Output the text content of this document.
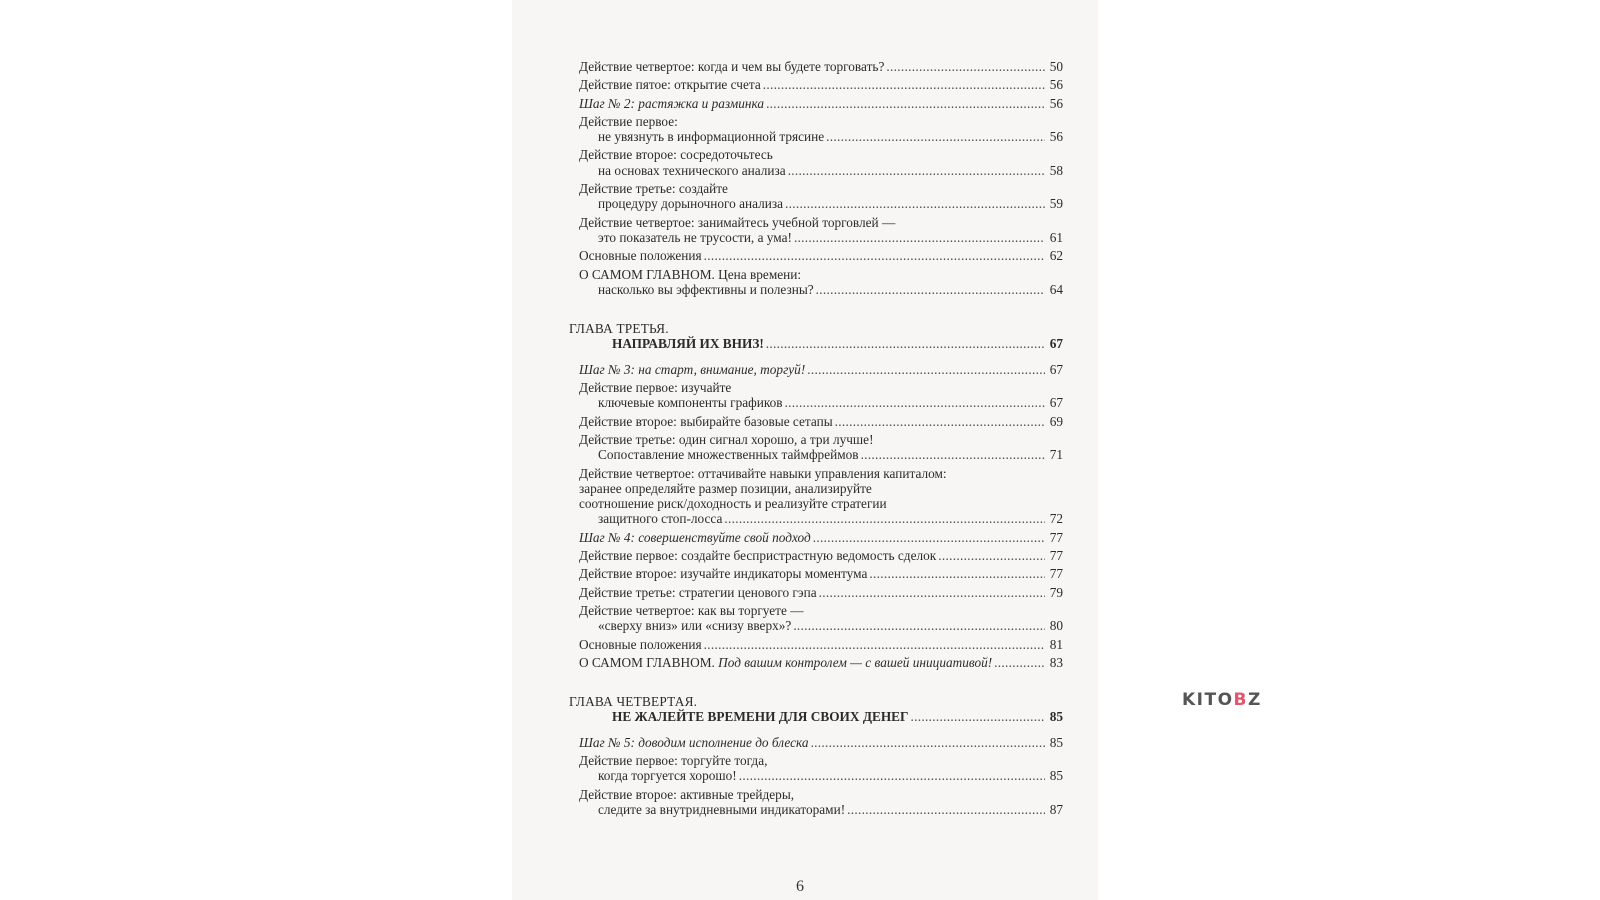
Действие четвертое: когда и чем вы будете торговать? .....	50
Действие пятое: открытие счета .....	56
Шаг № 2: растяжка и разминка .....	56
Действие первое:
не увязнуть в информационной трясине .....	56
Действие второе: сосредоточьтесь
на основах технического анализа .....	58
Действие третье: создайте
процедуру дорыночного анализа .....	59
Действие четвертое: занимайтесь учебной торговлей —
это показатель не трусости, а ума! .....	61
Основные положения .....	62
О САМОМ ГЛАВНОМ. Цена времени:
насколько вы эффективны и полезны? .....	64
ГЛАВА ТРЕТЬЯ.
НАПРАВЛЯЙ ИХ ВНИЗ! .....	67
Шаг № 3: на старт, внимание, торгуй! .....	67
Действие первое: изучайте
ключевые компоненты графиков .....	67
Действие второе: выбирайте базовые сетапы .....	69
Действие третье: один сигнал хорошо, а три лучше!
Сопоставление множественных таймфреймов .....	71
Действие четвертое: оттачивайте навыки управления капиталом:
заранее определяйте размер позиции, анализируйте
соотношение риск/доходность и реализуйте стратегии
защитного стоп-лосса .....	72
Шаг № 4: совершенствуйте свой подход .....	77
Действие первое: создайте беспристрастную ведомость сделок .....	77
Действие второе: изучайте индикаторы моментума .....	77
Действие третье: стратегии ценового гэпа .....	79
Действие четвертое: как вы торгуете —
«сверху вниз» или «снизу вверх»? .....	80
Основные положения .....	81
О САМОМ ГЛАВНОМ. Под вашим контролем — с вашей инициативой! .....	83
ГЛАВА ЧЕТВЕРТАЯ.
НЕ ЖАЛЕЙТЕ ВРЕМЕНИ ДЛЯ СВОИХ ДЕНЕГ .....	85
Шаг № 5: доводим исполнение до блеска .....	85
Действие первое: торгуйте тогда,
когда торгуется хорошо! .....	85
Действие второе: активные трейдеры,
следите за внутридневными индикаторами! .....	87
6
KITOBZ
